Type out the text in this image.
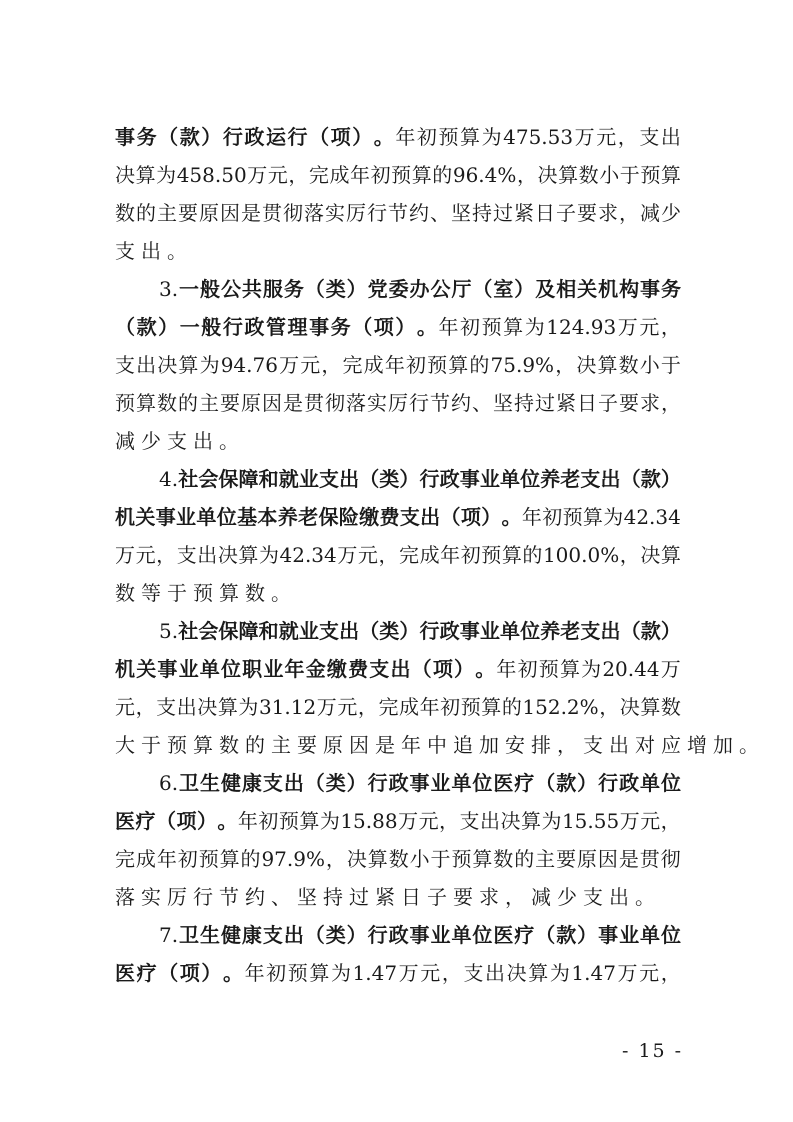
事 务 （ 款 ） 行 政 运 行 （ 项 ） 。 年 初 预 算 为 475.53 万 元 ， 支 出
决 算 为 458.50 万 元 ， 完 成 年 初 预 算 的 96.4% ， 决 算 数 小 于 预 算
数 的 主 要 原 因 是 贯 彻 落 实 厉 行 节 约 、 坚 持 过 紧 日 子 要 求 ， 减 少
支 出 。
3. 一 般 公 共 服 务 （ 类 ） 党 委 办 公 厅 （ 室 ） 及 相 关 机 构 事 务
（ 款 ） 一 般 行 政 管 理 事 务 （ 项 ） 。 年 初 预 算 为 124.93 万 元 ，
支 出 决 算 为 94.76 万 元 ， 完 成 年 初 预 算 的 75.9% ， 决 算 数 小 于
预 算 数 的 主 要 原 因 是 贯 彻 落 实 厉 行 节 约 、 坚 持 过 紧 日 子 要 求 ，
减 少 支 出 。
4. 社 会 保 障 和 就 业 支 出 （ 类 ） 行 政 事 业 单 位 养 老 支 出 （ 款 ）
机 关 事 业 单 位 基 本 养 老 保 险 缴 费 支 出 （ 项 ） 。 年 初 预 算 为 42.34
万 元 ， 支 出 决 算 为 42.34 万 元 ， 完 成 年 初 预 算 的 100.0% ， 决 算
数 等 于 预 算 数 。
5. 社 会 保 障 和 就 业 支 出 （ 类 ） 行 政 事 业 单 位 养 老 支 出 （ 款 ）
机 关 事 业 单 位 职 业 年 金 缴 费 支 出 （ 项 ） 。 年 初 预 算 为 20.44 万
元 ， 支 出 决 算 为 31.12 万 元 ， 完 成 年 初 预 算 的 152.2% ， 决 算 数
大 于 预 算 数 的 主 要 原 因 是 年 中 追 加 安 排 ， 支 出 对 应 增 加 。
6. 卫 生 健 康 支 出 （ 类 ） 行 政 事 业 单 位 医 疗 （ 款 ） 行 政 单 位
医 疗 （ 项 ） 。 年 初 预 算 为 15.88 万 元 ， 支 出 决 算 为 15.55 万 元 ，
完 成 年 初 预 算 的 97.9% ， 决 算 数 小 于 预 算 数 的 主 要 原 因 是 贯 彻
落 实 厉 行 节 约 、 坚 持 过 紧 日 子 要 求 ， 减 少 支 出 。
7. 卫 生 健 康 支 出 （ 类 ） 行 政 事 业 单 位 医 疗 （ 款 ） 事 业 单 位
医 疗 （ 项 ） 。 年 初 预 算 为 1.47 万 元 ， 支 出 决 算 为 1.47 万 元 ，
- 15 -
